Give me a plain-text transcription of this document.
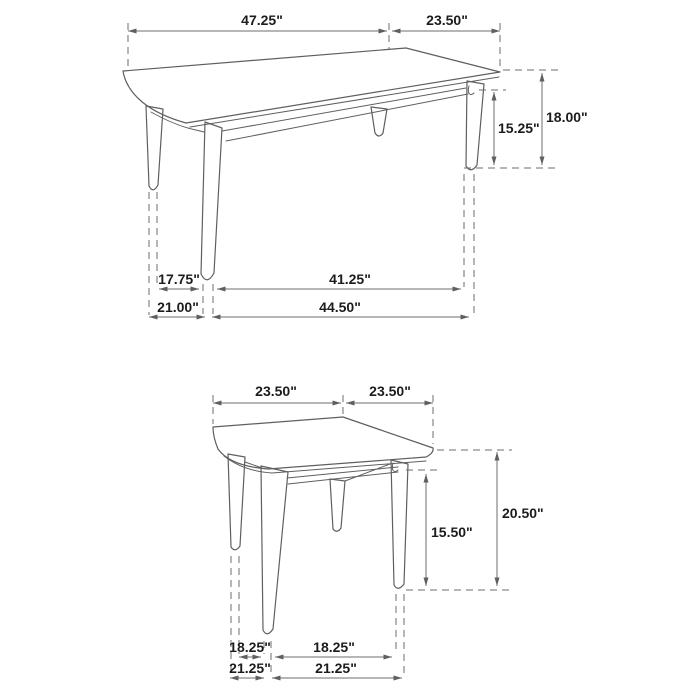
47.25"	23.50"
15.25"
18.00"
17.75"	41.25"
21.00"	44.50"
23.50"	23.50"
15.50"
20.50"
18.25"	18.25"
21.25"	21.25"
